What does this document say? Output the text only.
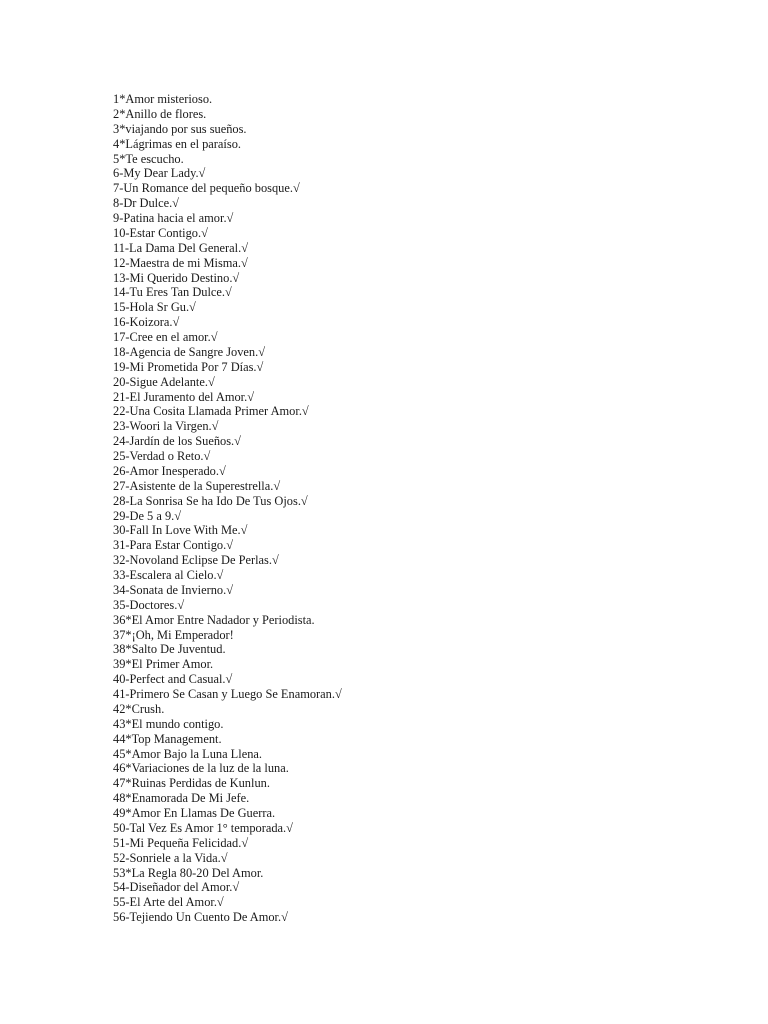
1*Amor misterioso.
2*Anillo de flores.
3*viajando por sus sueños.
4*Lágrimas en el paraíso.
5*Te escucho.
6-My Dear Lady.√
7-Un Romance del pequeño bosque.√
8-Dr Dulce.√
9-Patina hacia el amor.√
10-Estar Contigo.√
11-La Dama Del General.√
12-Maestra de mi Misma.√
13-Mi Querido Destino.√
14-Tu Eres Tan Dulce.√
15-Hola Sr Gu.√
16-Koizora.√
17-Cree en el amor.√
18-Agencia de Sangre Joven.√
19-Mi Prometida Por 7 Días.√
20-Sigue Adelante.√
21-El Juramento del Amor.√
22-Una Cosita Llamada Primer Amor.√
23-Woori la Virgen.√
24-Jardín de los Sueños.√
25-Verdad o Reto.√
26-Amor Inesperado.√
27-Asistente de la Superestrella.√
28-La Sonrisa Se ha Ido De Tus Ojos.√
29-De 5 a 9.√
30-Fall In Love With Me.√
31-Para Estar Contigo.√
32-Novoland Eclipse De Perlas.√
33-Escalera al Cielo.√
34-Sonata de Invierno.√
35-Doctores.√
36*El Amor Entre Nadador y Periodista.
37*¡Oh, Mi Emperador!
38*Salto De Juventud.
39*El Primer Amor.
40-Perfect and Casual.√
41-Primero Se Casan y Luego Se Enamoran.√
42*Crush.
43*El mundo contigo.
44*Top Management.
45*Amor Bajo la Luna Llena.
46*Variaciones de la luz de la luna.
47*Ruinas Perdidas de Kunlun.
48*Enamorada De Mi Jefe.
49*Amor En Llamas De Guerra.
50-Tal Vez Es Amor 1° temporada.√
51-Mi Pequeña Felicidad.√
52-Sonriele a la Vida.√
53*La Regla 80-20 Del Amor.
54-Diseñador del Amor.√
55-El Arte del Amor.√
56-Tejiendo Un Cuento De Amor.√
